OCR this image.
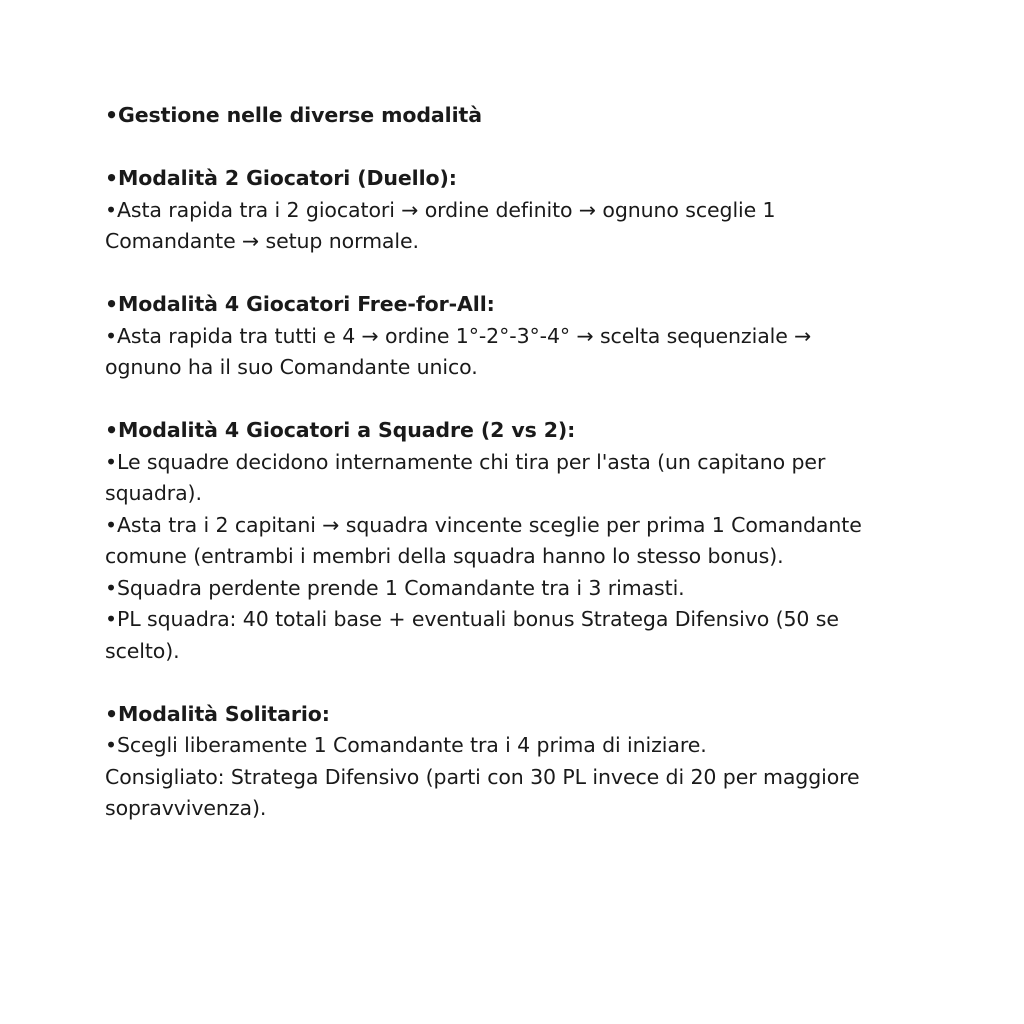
•Gestione nelle diverse modalità
•Modalità 2 Giocatori (Duello):
•Asta rapida tra i 2 giocatori → ordine definito → ognuno sceglie 1
Comandante → setup normale.
•Modalità 4 Giocatori Free-for-All:
•Asta rapida tra tutti e 4 → ordine 1°-2°-3°-4° → scelta sequenziale →
ognuno ha il suo Comandante unico.
•Modalità 4 Giocatori a Squadre (2 vs 2):
•Le squadre decidono internamente chi tira per l'asta (un capitano per
squadra).
•Asta tra i 2 capitani → squadra vincente sceglie per prima 1 Comandante
comune (entrambi i membri della squadra hanno lo stesso bonus).
•Squadra perdente prende 1 Comandante tra i 3 rimasti.
•PL squadra: 40 totali base + eventuali bonus Stratega Difensivo (50 se
scelto).
•Modalità Solitario:
•Scegli liberamente 1 Comandante tra i 4 prima di iniziare.
Consigliato: Stratega Difensivo (parti con 30 PL invece di 20 per maggiore
sopravvivenza).
